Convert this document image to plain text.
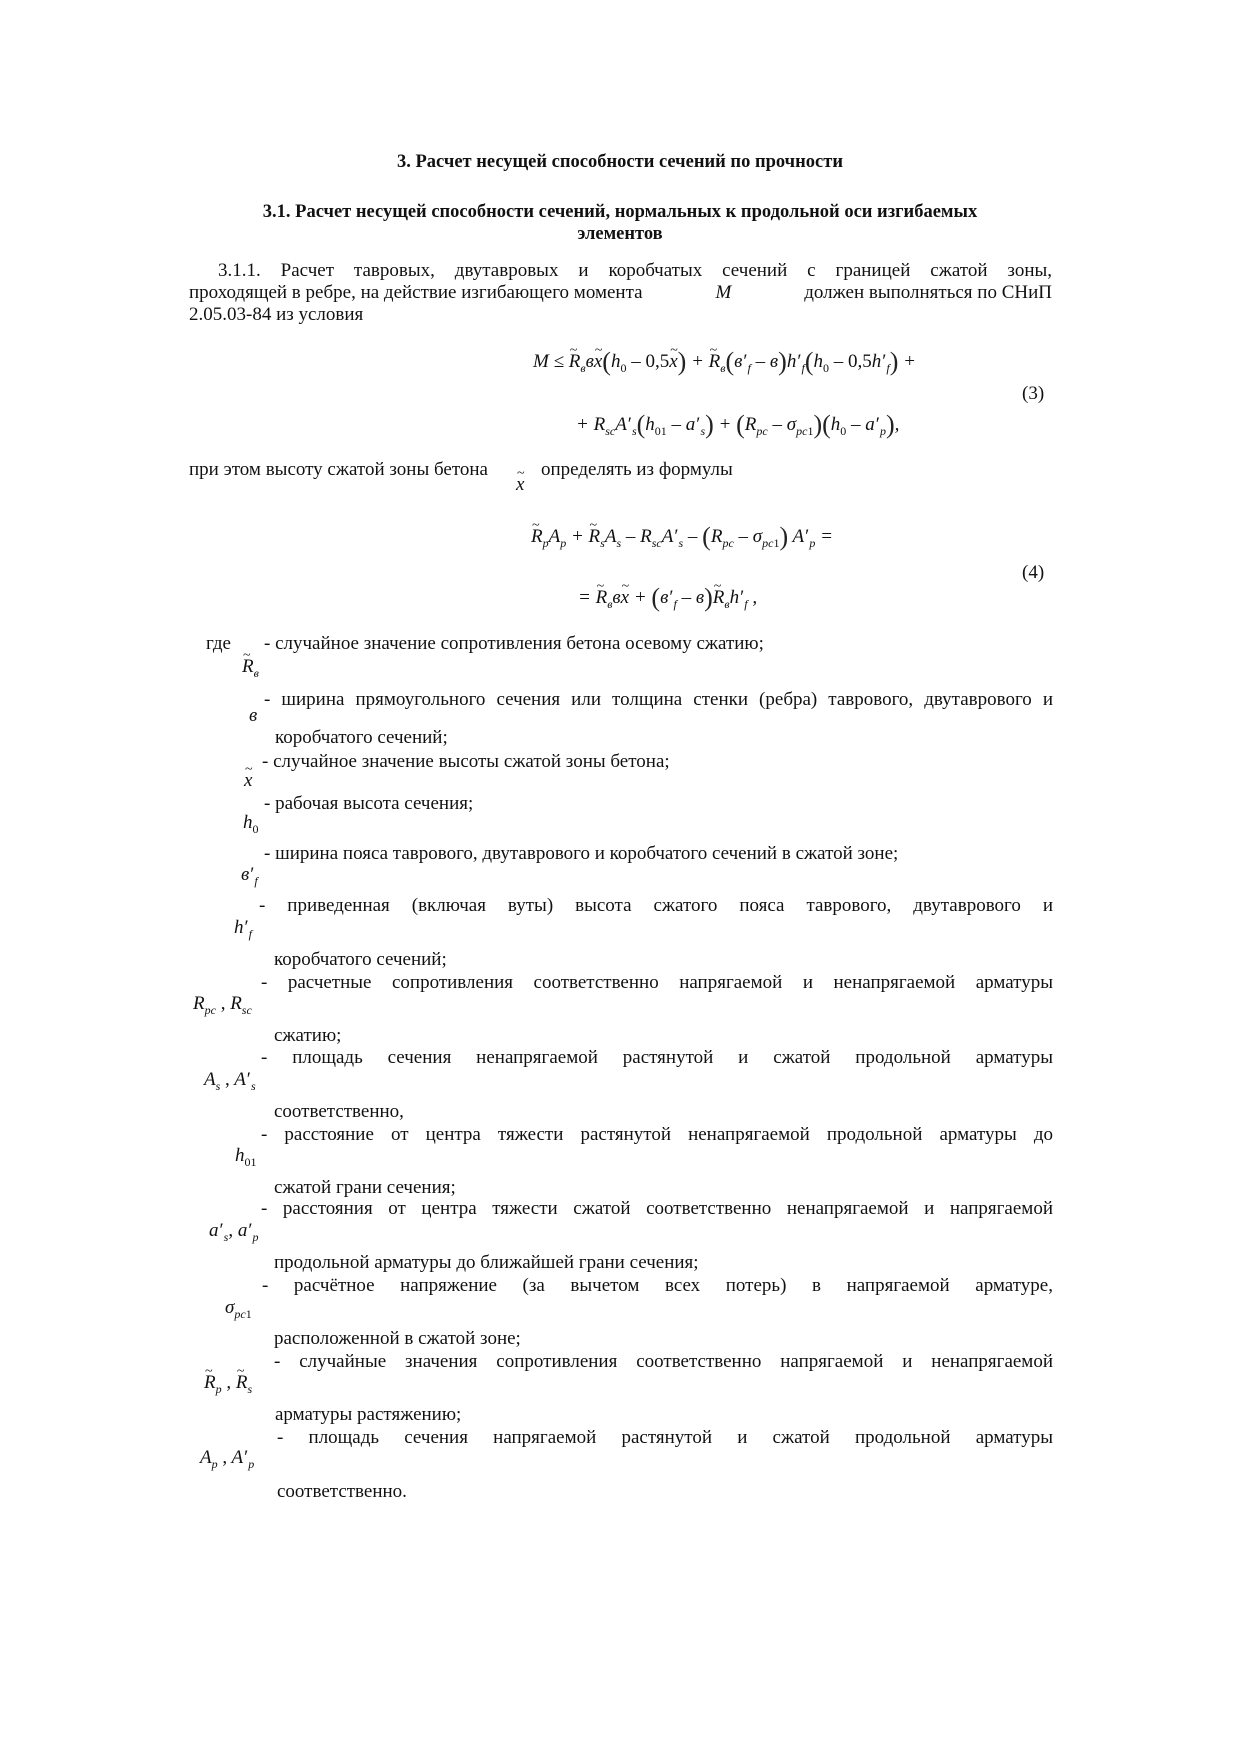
3. Расчет несущей способности сечений по прочности
3.1. Расчет несущей способности сечений, нормальных к продольной оси изгибаемых
элементов
3.1.1. Расчет тавровых, двутавровых и коробчатых сечений с границей сжатой зоны,
проходящей в ребре, на действие изгибающего момента	М	должен выполняться по СНиП
2.05.03-84 из условия
M ≤ ~ $R_вв\sim$ $x(h_0$ – 0,5~ x) + ~ $R_в(в'_f - в)h'_f(h_0 - 0,5h'_f)$ +
(3)
+ $R_{sc}A'_s(h_{01} - a'_s) + (R_{pc} - \sigma_{pc1})(h_0 - a'_p)$,
при этом высоту сжатой зоны бетона
~ x
определять из формулы
~ $R_pA_p$ + ~ $R_sA_s - R_{sc}A'_s - (R_{pc} - \sigma_{pc1}) A'_p$ =
(4)
= ~ $R_вв\sim$ $x + (в'_f$ – в)~ $R_вh'_f$ ,
где
~ $R_в$
- случайное значение сопротивления бетона осевому сжатию;
в
- ширина прямоугольного сечения или толщина стенки (ребра) таврового, двутаврового и
коробчатого сечений;
~ x
- случайное значение высоты сжатой зоны бетона;
$h_0$
- рабочая высота сечения;
$в'_f$
- ширина пояса таврового, двутаврового и коробчатого сечений в сжатой зоне;
$h'_f$
- приведенная (включая вуты) высота сжатого пояса таврового, двутаврового и
коробчатого сечений;
$R_{pc}$ , $R_{sc}$
- расчетные сопротивления соответственно напрягаемой и ненапрягаемой арматуры
сжатию;
$A_s$ , $A'_s$
- площадь сечения ненапрягаемой растянутой и сжатой продольной арматуры
соответственно,
$h_{01}$
- расстояние от центра тяжести растянутой ненапрягаемой продольной арматуры до
сжатой грани сечения;
$a'_s$, $a'_p$
- расстояния от центра тяжести сжатой соответственно ненапрягаемой и напрягаемой
продольной арматуры до ближайшей грани сечения;
$\sigma_{pc1}$
- расчётное напряжение (за вычетом всех потерь) в напрягаемой арматуре,
расположенной в сжатой зоне;
~ $R_p$ , ~ $R_s$
- случайные значения сопротивления соответственно напрягаемой и ненапрягаемой
арматуры растяжению;
$A_p$ , $A'_p$
- площадь сечения напрягаемой растянутой и сжатой продольной арматуры
соответственно.
